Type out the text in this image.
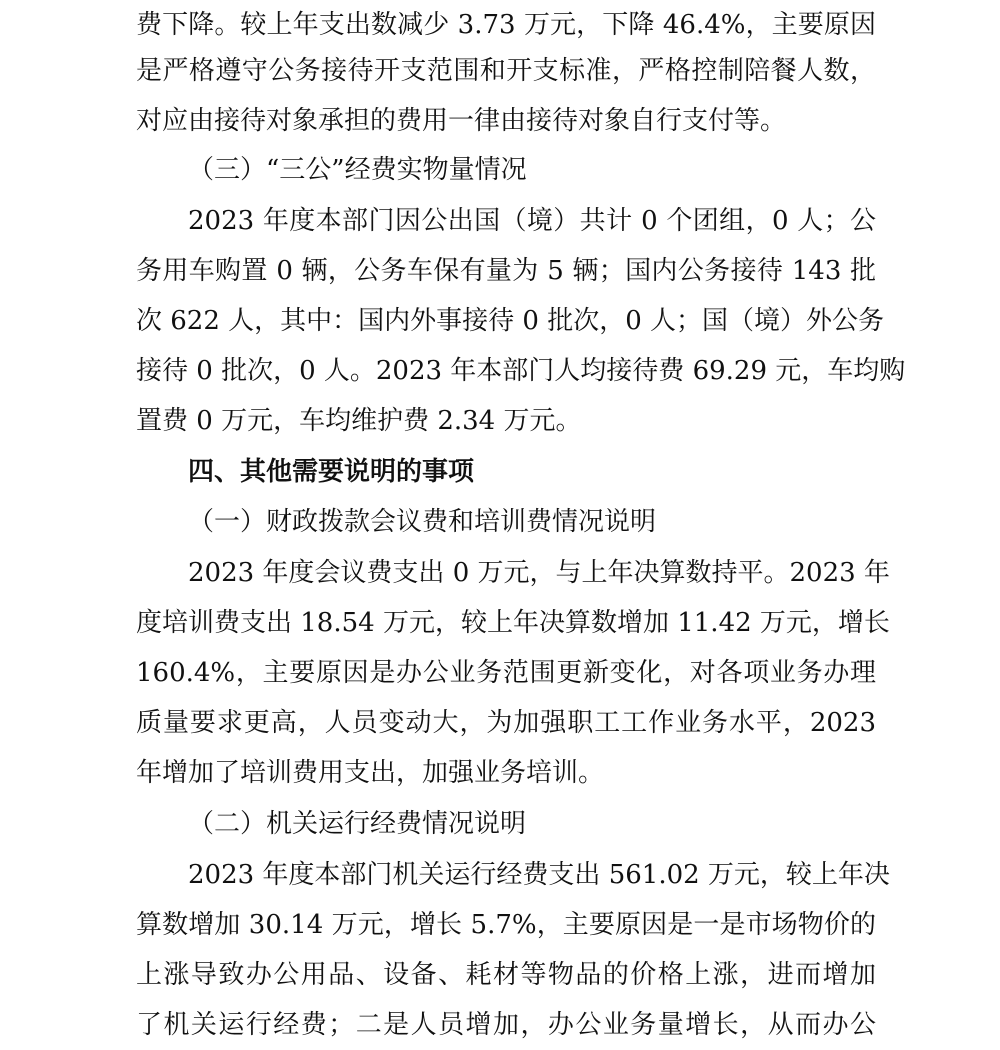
费下降。较上年支出数减少 3.73 万元，下降 46.4%，主要原因
是严格遵守公务接待开支范围和开支标准，严格控制陪餐人数，
对应由接待对象承担的费用一律由接待对象自行支付等。
（三）“三公”经费实物量情况
2023 年度本部门因公出国（境）共计 0 个团组，0 人；公
务用车购置 0 辆，公务车保有量为 5 辆；国内公务接待 143 批
次 622 人，其中：国内外事接待 0 批次，0 人；国（境）外公务
接待 0 批次，0 人。2023 年本部门人均接待费 69.29 元，车均购
置费 0 万元，车均维护费 2.34 万元。
四、其他需要说明的事项
（一）财政拨款会议费和培训费情况说明
2023 年度会议费支出 0 万元，与上年决算数持平。2023 年
度培训费支出 18.54 万元，较上年决算数增加 11.42 万元，增长
160.4%，主要原因是办公业务范围更新变化，对各项业务办理
质量要求更高，人员变动大，为加强职工工作业务水平，2023
年增加了培训费用支出，加强业务培训。
（二）机关运行经费情况说明
2023 年度本部门机关运行经费支出 561.02 万元，较上年决
算数增加 30.14 万元，增长 5.7%，主要原因是一是市场物价的
上涨导致办公用品、设备、耗材等物品的价格上涨，进而增加
了机关运行经费；二是人员增加，办公业务量增长，从而办公
